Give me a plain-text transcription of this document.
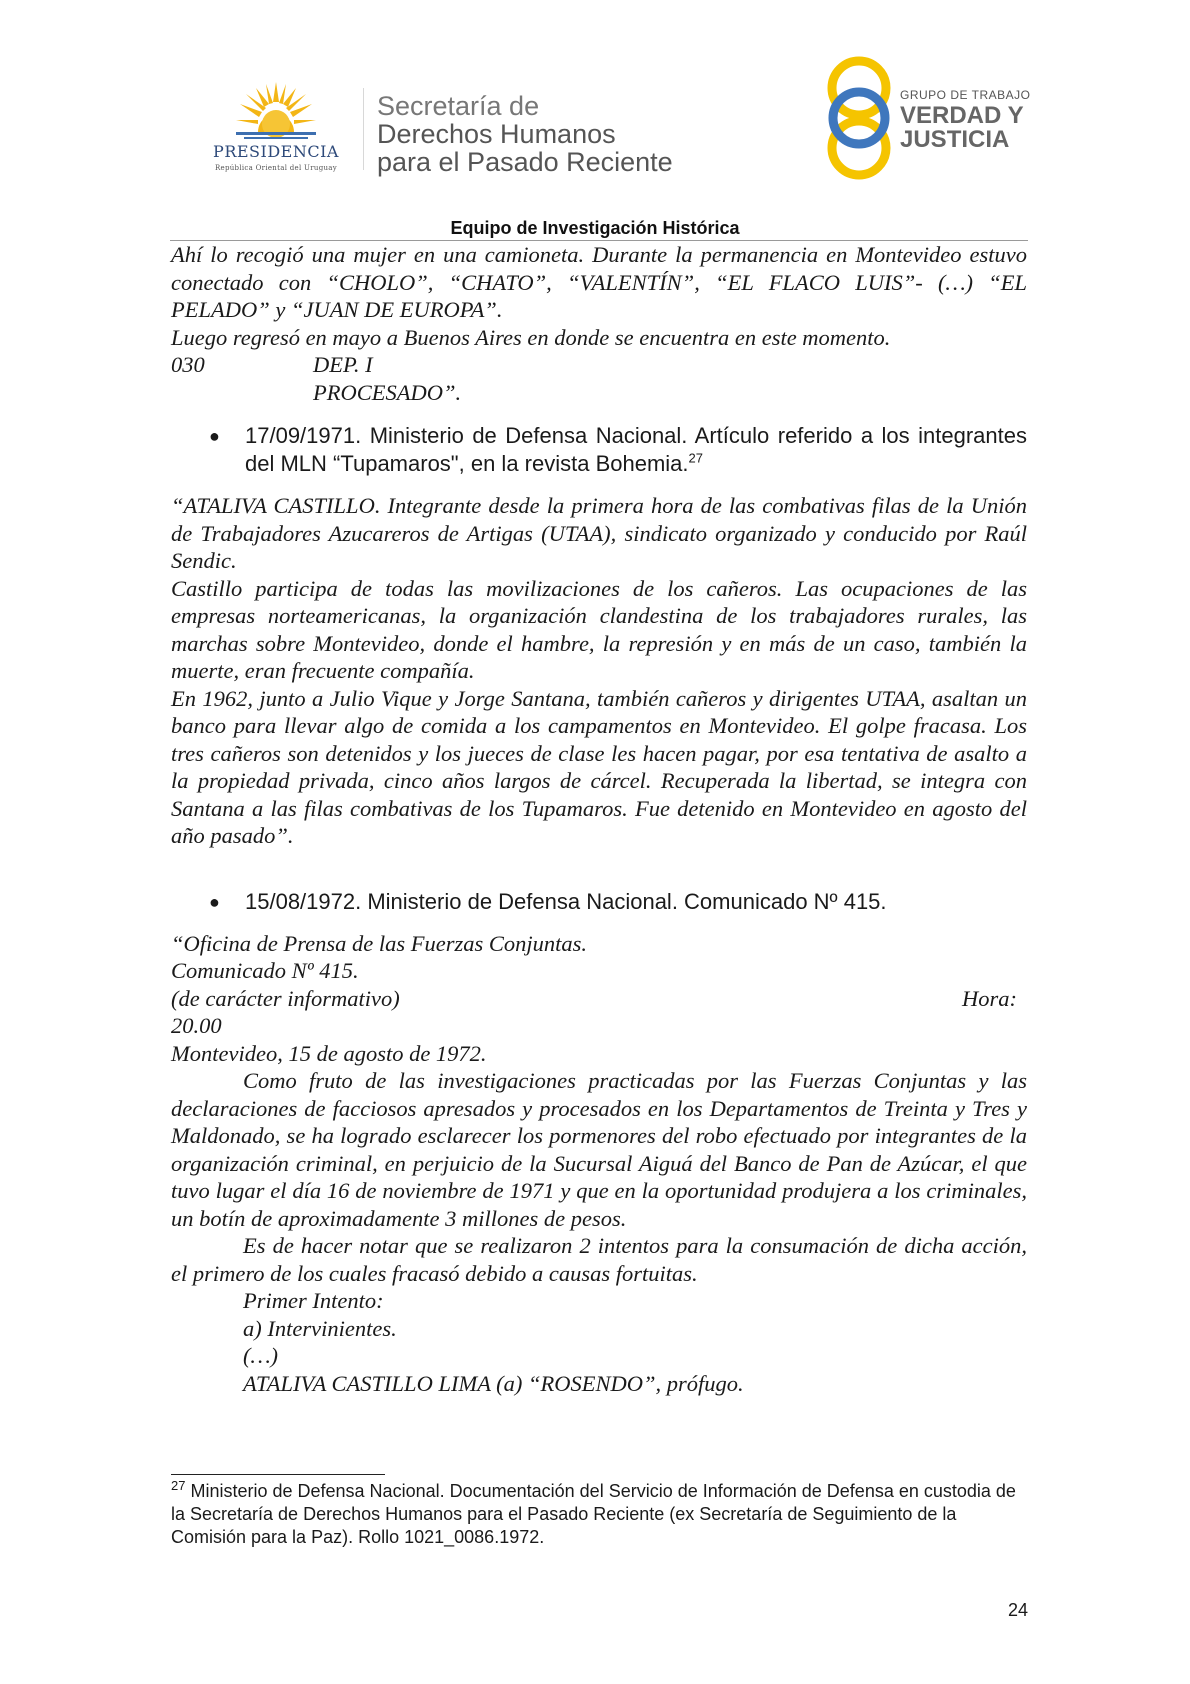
PRESIDENCIA
República Oriental del Uruguay
Secretaría de
Derechos Humanos
para el Pasado Reciente
GRUPO DE TRABAJO
VERDAD Y
JUSTICIA
Equipo de Investigación Histórica

Ahí lo recogió una mujer en una camioneta. Durante la permanencia en Montevideo estuvo conectado con “CHOLO”, “CHATO”, “VALENTÍN”, “EL FLACO LUIS”- (…) “EL PELADO” y “JUAN DE EUROPA”.

Luego regresó en mayo a Buenos Aires en donde se encuentra en este momento.

030	DEP. I
PROCESADO”.
●	17/09/1971. Ministerio de Defensa Nacional. Artículo referido a los integrantes del MLN “Tupamaros", en la revista Bohemia.$^{27}$

“ATALIVA CASTILLO. Integrante desde la primera hora de las combativas filas de la Unión de Trabajadores Azucareros de Artigas (UTAA), sindicato organizado y conducido por Raúl Sendic.

Castillo participa de todas las movilizaciones de los cañeros. Las ocupaciones de las empresas norteamericanas, la organización clandestina de los trabajadores rurales, las marchas sobre Montevideo, donde el hambre, la represión y en más de un caso, también la muerte, eran frecuente compañía.

En 1962, junto a Julio Vique y Jorge Santana, también cañeros y dirigentes UTAA, asaltan un banco para llevar algo de comida a los campamentos en Montevideo. El golpe fracasa. Los tres cañeros son detenidos y los jueces de clase les hacen pagar, por esa tentativa de asalto a la propiedad privada, cinco años largos de cárcel. Recuperada la libertad, se integra con Santana a las filas combativas de los Tupamaros. Fue detenido en Montevideo en agosto del año pasado”.

●	15/08/1972. Ministerio de Defensa Nacional. Comunicado Nº 415.

“Oficina de Prensa de las Fuerzas Conjuntas.

Comunicado Nº 415.

(de carácter informativo)	Hora:

20.00

Montevideo, 15 de agosto de 1972.

Como fruto de las investigaciones practicadas por las Fuerzas Conjuntas y las declaraciones de facciosos apresados y procesados en los Departamentos de Treinta y Tres y Maldonado, se ha logrado esclarecer los pormenores del robo efectuado por integrantes de la organización criminal, en perjuicio de la Sucursal Aiguá del Banco de Pan de Azúcar, el que tuvo lugar el día 16 de noviembre de 1971 y que en la oportunidad produjera a los criminales, un botín de aproximadamente 3 millones de pesos.

Es de hacer notar que se realizaron 2 intentos para la consumación de dicha acción, el primero de los cuales fracasó debido a causas fortuitas.

Primer Intento:

a) Intervinientes.

(…)

ATALIVA CASTILLO LIMA (a) “ROSENDO”, prófugo.

$^{27}$ Ministerio de Defensa Nacional. Documentación del Servicio de Información de Defensa en custodia de la Secretaría de Derechos Humanos para el Pasado Reciente (ex Secretaría de Seguimiento de la Comisión para la Paz). Rollo 1021_0086.1972.
24
